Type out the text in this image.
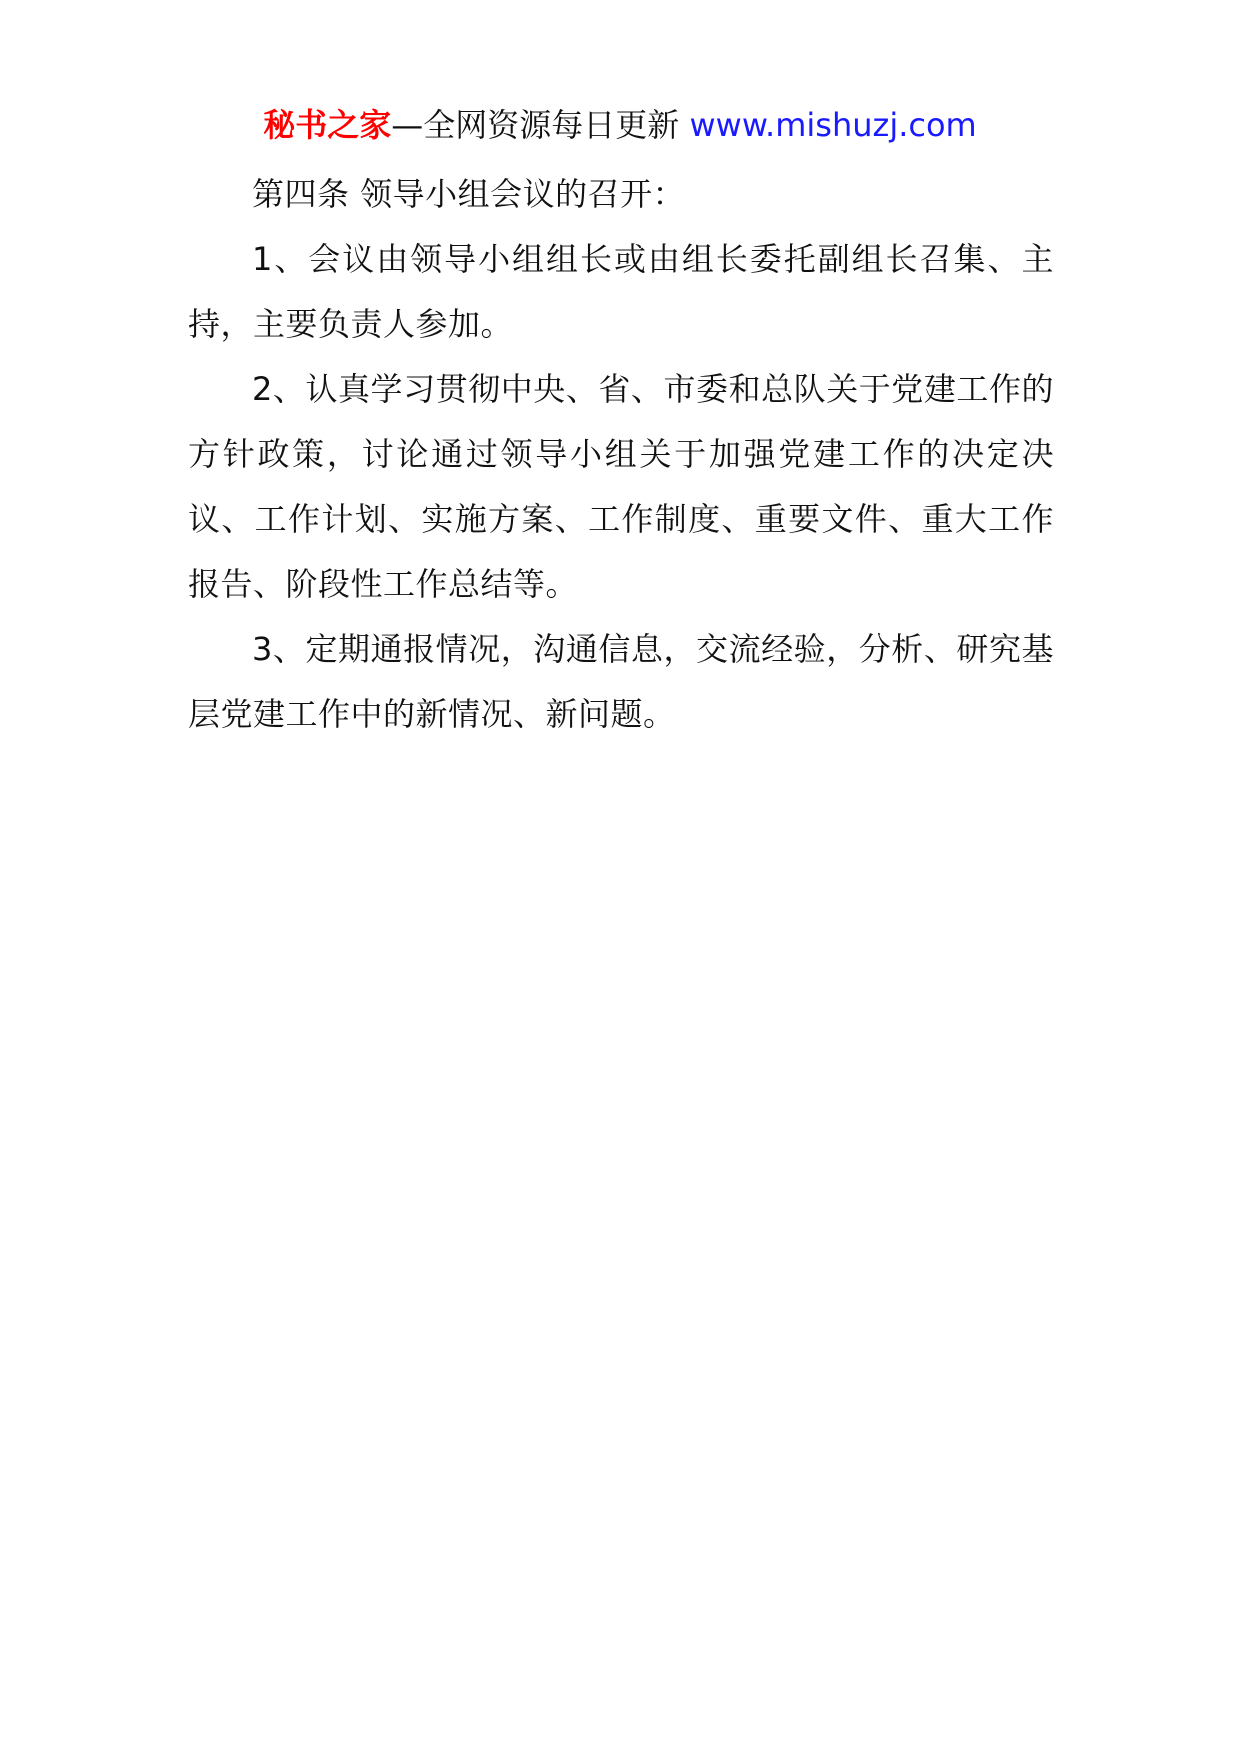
秘书之家—全网资源每日更新 www.mishuzj.com

第四条 领导小组会议的召开：

1、会议由领导小组组长或由组长委托副组长召集、主持，主要负责人参加。

2、认真学习贯彻中央、省、市委和总队关于党建工作的方针政策，讨论通过领导小组关于加强党建工作的决定决议、工作计划、实施方案、工作制度、重要文件、重大工作报告、阶段性工作总结等。

3、定期通报情况，沟通信息，交流经验，分析、研究基层党建工作中的新情况、新问题。
